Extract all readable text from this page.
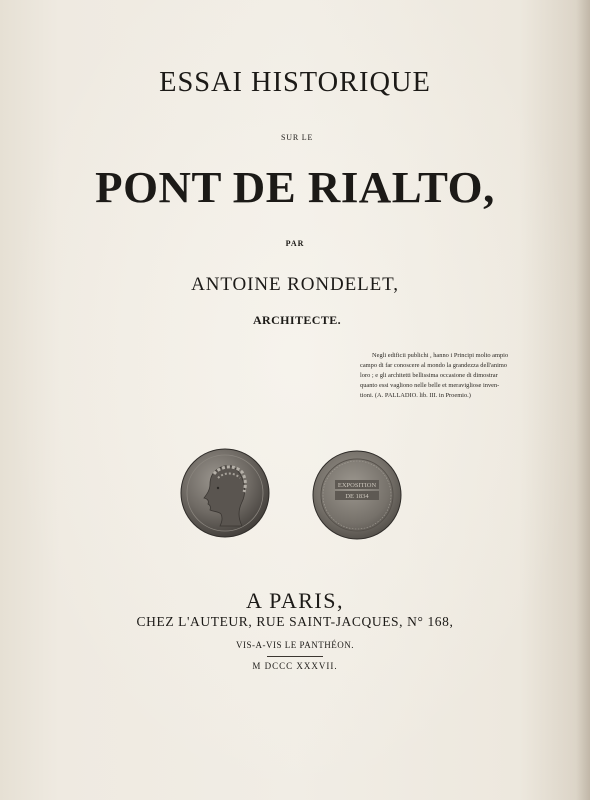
ESSAI HISTORIQUE
SUR LE
PONT DE RIALTO,
PAR
ANTOINE RONDELET,
ARCHITECTE.
Negli edificii publichi , hanno i Principi molto ampio
campo di far conoscere al mondo la grandezza dell'animo
loro ; e gli architetti bellissima occasione di dimostrar
quanto essi vagliono nelle belle et meravigliose inven-
tioni. (A. PALLADIO. lib. III. in Proemio.)
EXPOSITION
DE 1834
A PARIS,
CHEZ L'AUTEUR, RUE SAINT-JACQUES, N° 168,
VIS-A-VIS LE PANTHÉON.
M DCCC XXXVII.
